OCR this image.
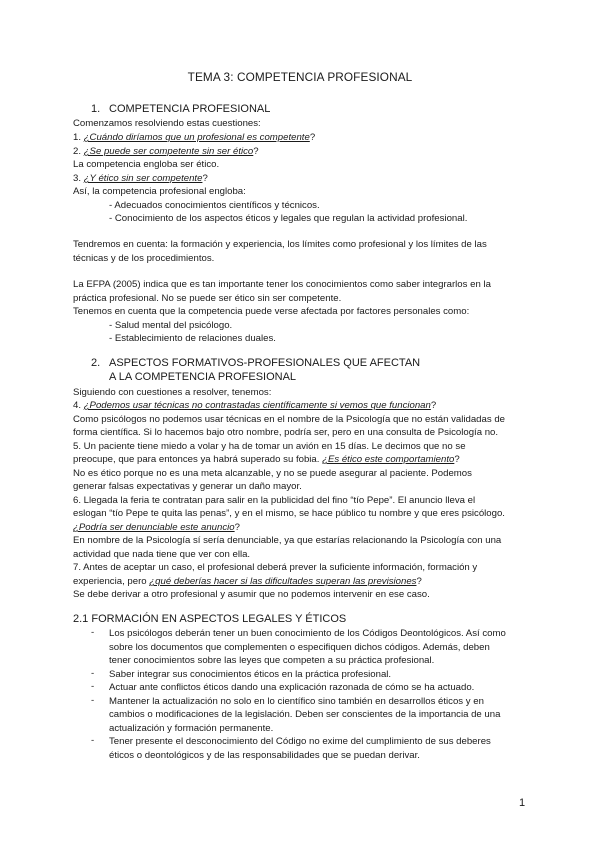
TEMA 3: COMPETENCIA PROFESIONAL
1. COMPETENCIA PROFESIONAL
Comenzamos resolviendo estas cuestiones:
1. ¿Cuándo diríamos que un profesional es competente?
2. ¿Se puede ser competente sin ser ético?
La competencia engloba ser ético.
3. ¿Y ético sin ser competente?
Así, la competencia profesional engloba:
- Adecuados conocimientos científicos y técnicos.
- Conocimiento de los aspectos éticos y legales que regulan la actividad profesional.
Tendremos en cuenta: la formación y experiencia, los límites como profesional y los límites de las
técnicas y de los procedimientos.
La EFPA (2005) indica que es tan importante tener los conocimientos como saber integrarlos en la
práctica profesional. No se puede ser ético sin ser competente.
Tenemos en cuenta que la competencia puede verse afectada por factores personales como:
- Salud mental del psicólogo.
- Establecimiento de relaciones duales.
2. ASPECTOS FORMATIVOS-PROFESIONALES QUE AFECTAN
A LA COMPETENCIA PROFESIONAL
Siguiendo con cuestiones a resolver, tenemos:
4. ¿Podemos usar técnicas no contrastadas científicamente si vemos que funcionan?
Como psicólogos no podemos usar técnicas en el nombre de la Psicología que no están validadas de
forma científica. Si lo hacemos bajo otro nombre, podría ser, pero en una consulta de Psicología no.
5. Un paciente tiene miedo a volar y ha de tomar un avión en 15 días. Le decimos que no se
preocupe, que para entonces ya habrá superado su fobia. ¿Es ético este comportamiento?
No es ético porque no es una meta alcanzable, y no se puede asegurar al paciente. Podemos
generar falsas expectativas y generar un daño mayor.
6. Llegada la feria te contratan para salir en la publicidad del fino “tío Pepe”. El anuncio lleva el
eslogan “tío Pepe te quita las penas”, y en el mismo, se hace público tu nombre y que eres psicólogo.
¿Podría ser denunciable este anuncio?
En nombre de la Psicología sí sería denunciable, ya que estarías relacionando la Psicología con una
actividad que nada tiene que ver con ella.
7. Antes de aceptar un caso, el profesional deberá prever la suficiente información, formación y
experiencia, pero ¿qué deberías hacer si las dificultades superan las previsiones?
Se debe derivar a otro profesional y asumir que no podemos intervenir en ese caso.
2.1 FORMACIÓN EN ASPECTOS LEGALES Y ÉTICOS
- Los psicólogos deberán tener un buen conocimiento de los Códigos Deontológicos. Así como
sobre los documentos que complementen o especifiquen dichos códigos. Además, deben
tener conocimientos sobre las leyes que competen a su práctica profesional.
- Saber integrar sus conocimientos éticos en la práctica profesional.
- Actuar ante conflictos éticos dando una explicación razonada de cómo se ha actuado.
- Mantener la actualización no solo en lo científico sino también en desarrollos éticos y en
cambios o modificaciones de la legislación. Deben ser conscientes de la importancia de una
actualización y formación permanente.
- Tener presente el desconocimiento del Código no exime del cumplimiento de sus deberes
éticos o deontológicos y de las responsabilidades que se puedan derivar.
1
